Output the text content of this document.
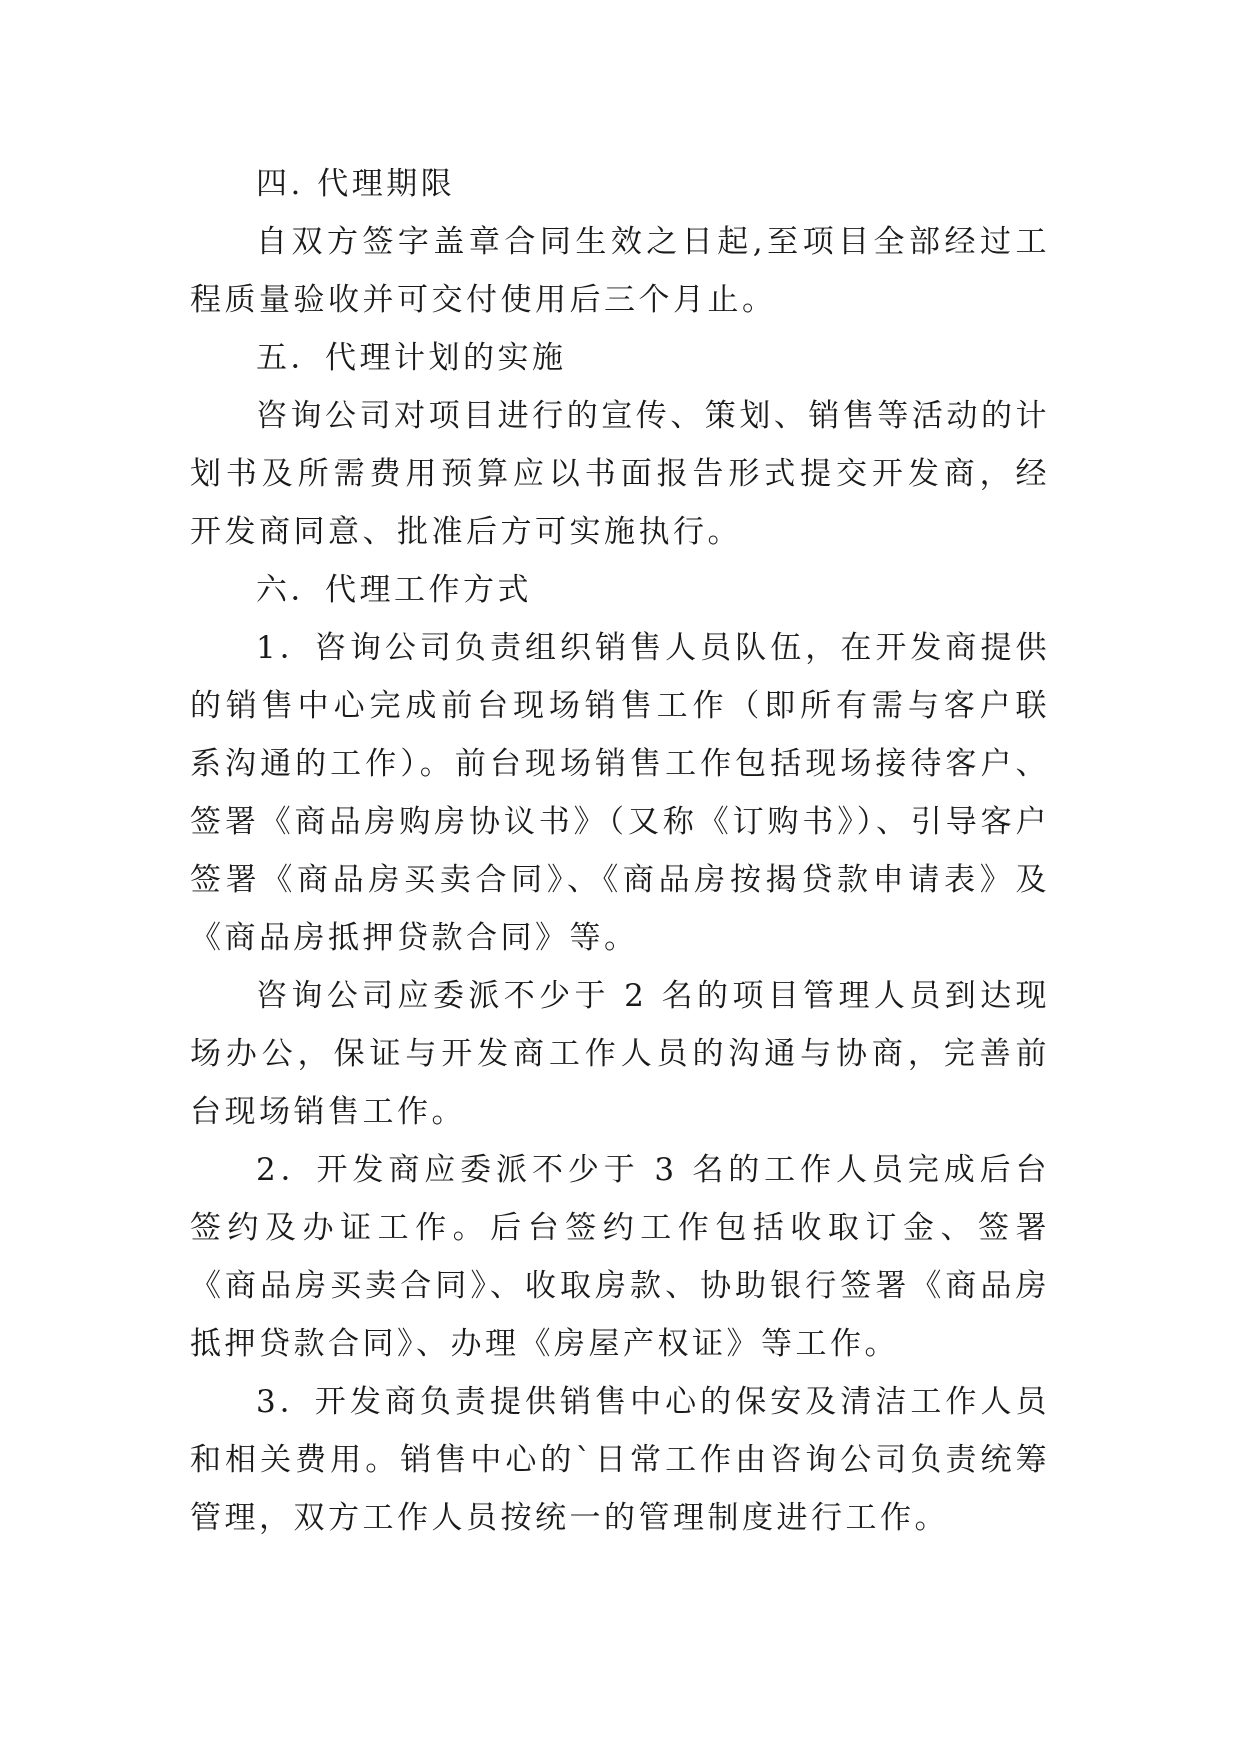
四. 代理期限

自双方签字盖章合同生效之日起,至项目全部经过工程质量验收并可交付使用后三个月止。

五．代理计划的实施

咨询公司对项目进行的宣传、策划、销售等活动的计划书及所需费用预算应以书面报告形式提交开发商，经开发商同意、批准后方可实施执行。

六．代理工作方式

1．咨询公司负责组织销售人员队伍，在开发商提供的销售中心完成前台现场销售工作（即所有需与客户联系沟通的工作）。前台现场销售工作包括现场接待客户、签署《商品房购房协议书》（又称《订购书》）、引导客户签署《商品房买卖合同》、《商品房按揭贷款申请表》及《商品房抵押贷款合同》等。

咨询公司应委派不少于 2 名的项目管理人员到达现场办公，保证与开发商工作人员的沟通与协商，完善前台现场销售工作。

2．开发商应委派不少于 3 名的工作人员完成后台签约及办证工作。后台签约工作包括收取订金、签署《商品房买卖合同》、收取房款、协助银行签署《商品房抵押贷款合同》、办理《房屋产权证》等工作。

3．开发商负责提供销售中心的保安及清洁工作人员和相关费用。销售中心的`日常工作由咨询公司负责统筹管理，双方工作人员按统一的管理制度进行工作。
